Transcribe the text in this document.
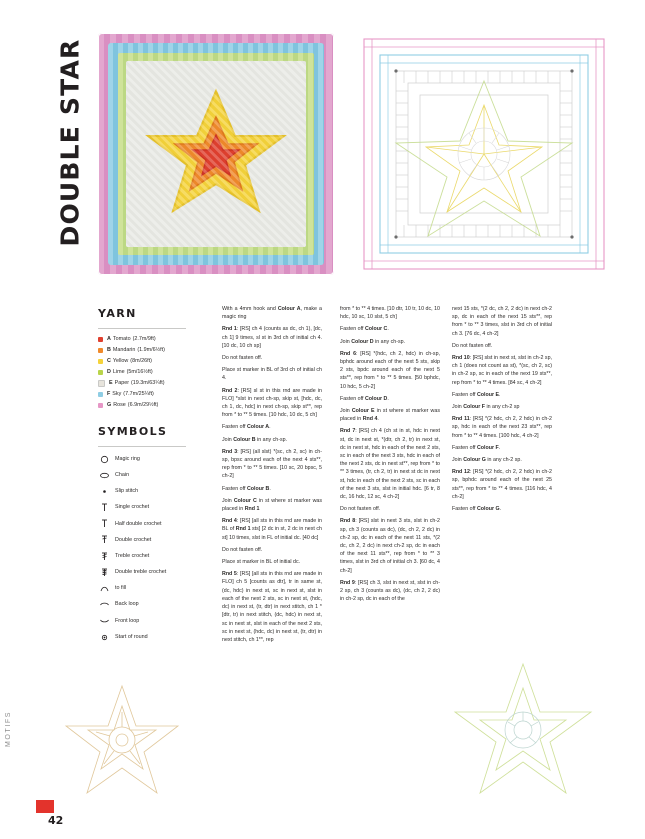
DOUBLE STAR
YARN
A Tomato (2.7m/9ft)
B Mandarin (1.9m/6½ft)
C Yellow (8m/26ft)
D Lime (5m/16½ft)
E Paper (19.3m/63¼ft)
F Sky (7.7m/25¼ft)
G Rose (6.9m/29½ft)
SYMBOLS
Magic ring
Chain
Slip stitch
Single crochet
Half double crochet
Double crochet
Treble crochet
Double treble crochet
to fill
Back loop
Front loop
Start of round

With a 4mm hook and Colour A, make a magic ring

Rnd 1: [RS] ch 4 (counts as dc, ch 1), [dc, ch 1] 9 times, sl st in 3rd ch of initial ch 4. [10 dc, 10 ch sp]

Do not fasten off.

Place st marker in BL of 3rd ch of initial ch 4.

Rnd 2: [RS] sl st in this rnd are made in FLO] *slst in next ch-sp, skip st, [hdc, dc, ch 1, dc, hdc] in next ch-sp, skip st**, rep from * to ** 5 times. [10 hdc, 10 dc, 5 ch]

Fasten off Colour A.

Join Colour B in any ch-sp.

Rnd 3: [RS] (all slst) *(sc, ch 2, sc) in ch-sp, bpsc around each of the next 4 sts**, rep from * to ** 5 times. [10 sc, 20 bpsc, 5 ch-2]

Fasten off Colour B.

Join Colour C in st where st marker was placed in Rnd 1

Rnd 4: [RS] [all sts in this rnd are made in BL of Rnd 1 sts] [2 dc in st, 2 dc in next ch st] 10 times, slst in FL of initial dc. [40 dc]

Do not fasten off.

Place st marker in BL of initial dc.

Rnd 5: [RS] [all sts in this rnd are made in FLO] ch 5 [counts as dtr], tr in same st, (dc, hdc) in next st, sc in next st, slst in each of the next 2 sts, sc in next st, (hdc, dc) in next st, (tr, dtr) in next stitch, ch 1 *[dtr, tr) in next stitch, (dc, hdc) in next st, sc in next st, slst in each of the next 2 sts, sc in next st, (hdc, dc) in next st, (tr, dtr) in next stitch, ch 1**, rep

from * to ** 4 times. [10 dtr, 10 tr, 10 dc, 10 hdc, 10 sc, 10 slst, 5 ch]

Fasten off Colour C.

Join Colour D in any ch-sp.

Rnd 6: [RS] *(hdc, ch 2, hdc) in ch-sp, bphdc around each of the next 5 sts, skip 2 sts, bpdc around each of the next 5 sts**, rep from * to ** 5 times. [50 bphdc, 10 hdc, 5 ch-2]

Fasten off Colour D.

Join Colour E in st where st marker was placed in Rnd 4.

Rnd 7: [RS] ch 4 (ch st in st, hdc in next st, dc in next st, *(dtr, ch 2, tr) in next st, dc in next st, hdc in each of the next 2 sts, sc in each of the next 3 sts, hdc in each of the next 2 sts, dc in next st**, rep from * to ** 3 times, (tr, ch 2, tr) in next st dc in next st, hdc in each of the next 2 sts, sc in each of the next 3 sts, slst in initial hdc. [6 tr, 8 dc, 16 hdc, 12 sc, 4 ch-2]

Do not fasten off.

Rnd 8: [RS] slst in next 3 sts, slst in ch-2 sp, ch 3 (counts as dc), (dc, ch 2, 2 dc) in ch-2 sp, dc in each of the next 11 sts, *(2 dc, ch 2, 2 dc) in next ch-2 sp, dc in each of the next 11 sts**, rep from * to ** 3 times, slst in 3rd ch of initial ch 3. [60 dc, 4 ch-2]

Rnd 9: [RS] ch 3, slst in next st, slst in ch-2 sp, ch 3 (counts as dc), (dc, ch 2, 2 dc) in ch-2 sp, dc in each of the

next 15 sts, *(2 dc, ch 2, 2 dc) in next ch-2 sp, dc in each of the next 15 sts**, rep from * to ** 3 times, slst in 3rd ch of initial ch 3. [76 dc, 4 ch-2]

Do not fasten off.

Rnd 10: [RS] slst in next st, slst in ch-2 sp, ch 1 (does not count as st), *(sc, ch 2, sc) in ch-2 sp, sc in each of the next 19 sts**, rep from * to ** 4 times. [84 sc, 4 ch-2]

Fasten off Colour E.

Join Colour F in any ch-2 sp

Rnd 11: [RS] *(2 hdc, ch 2, 2 hdc) in ch-2 sp, hdc in each of the next 23 sts**, rep from * to ** 4 times. [100 hdc, 4 ch-2]

Fasten off Colour F.

Join Colour G in any ch-2 sp.

Rnd 12: [RS] *(2 hdc, ch 2, 2 hdc) in ch-2 sp, bphdc around each of the next 25 sts**, rep from * to ** 4 times. [116 hdc, 4 ch-2]

Fasten off Colour G.

42
MOTIFS
